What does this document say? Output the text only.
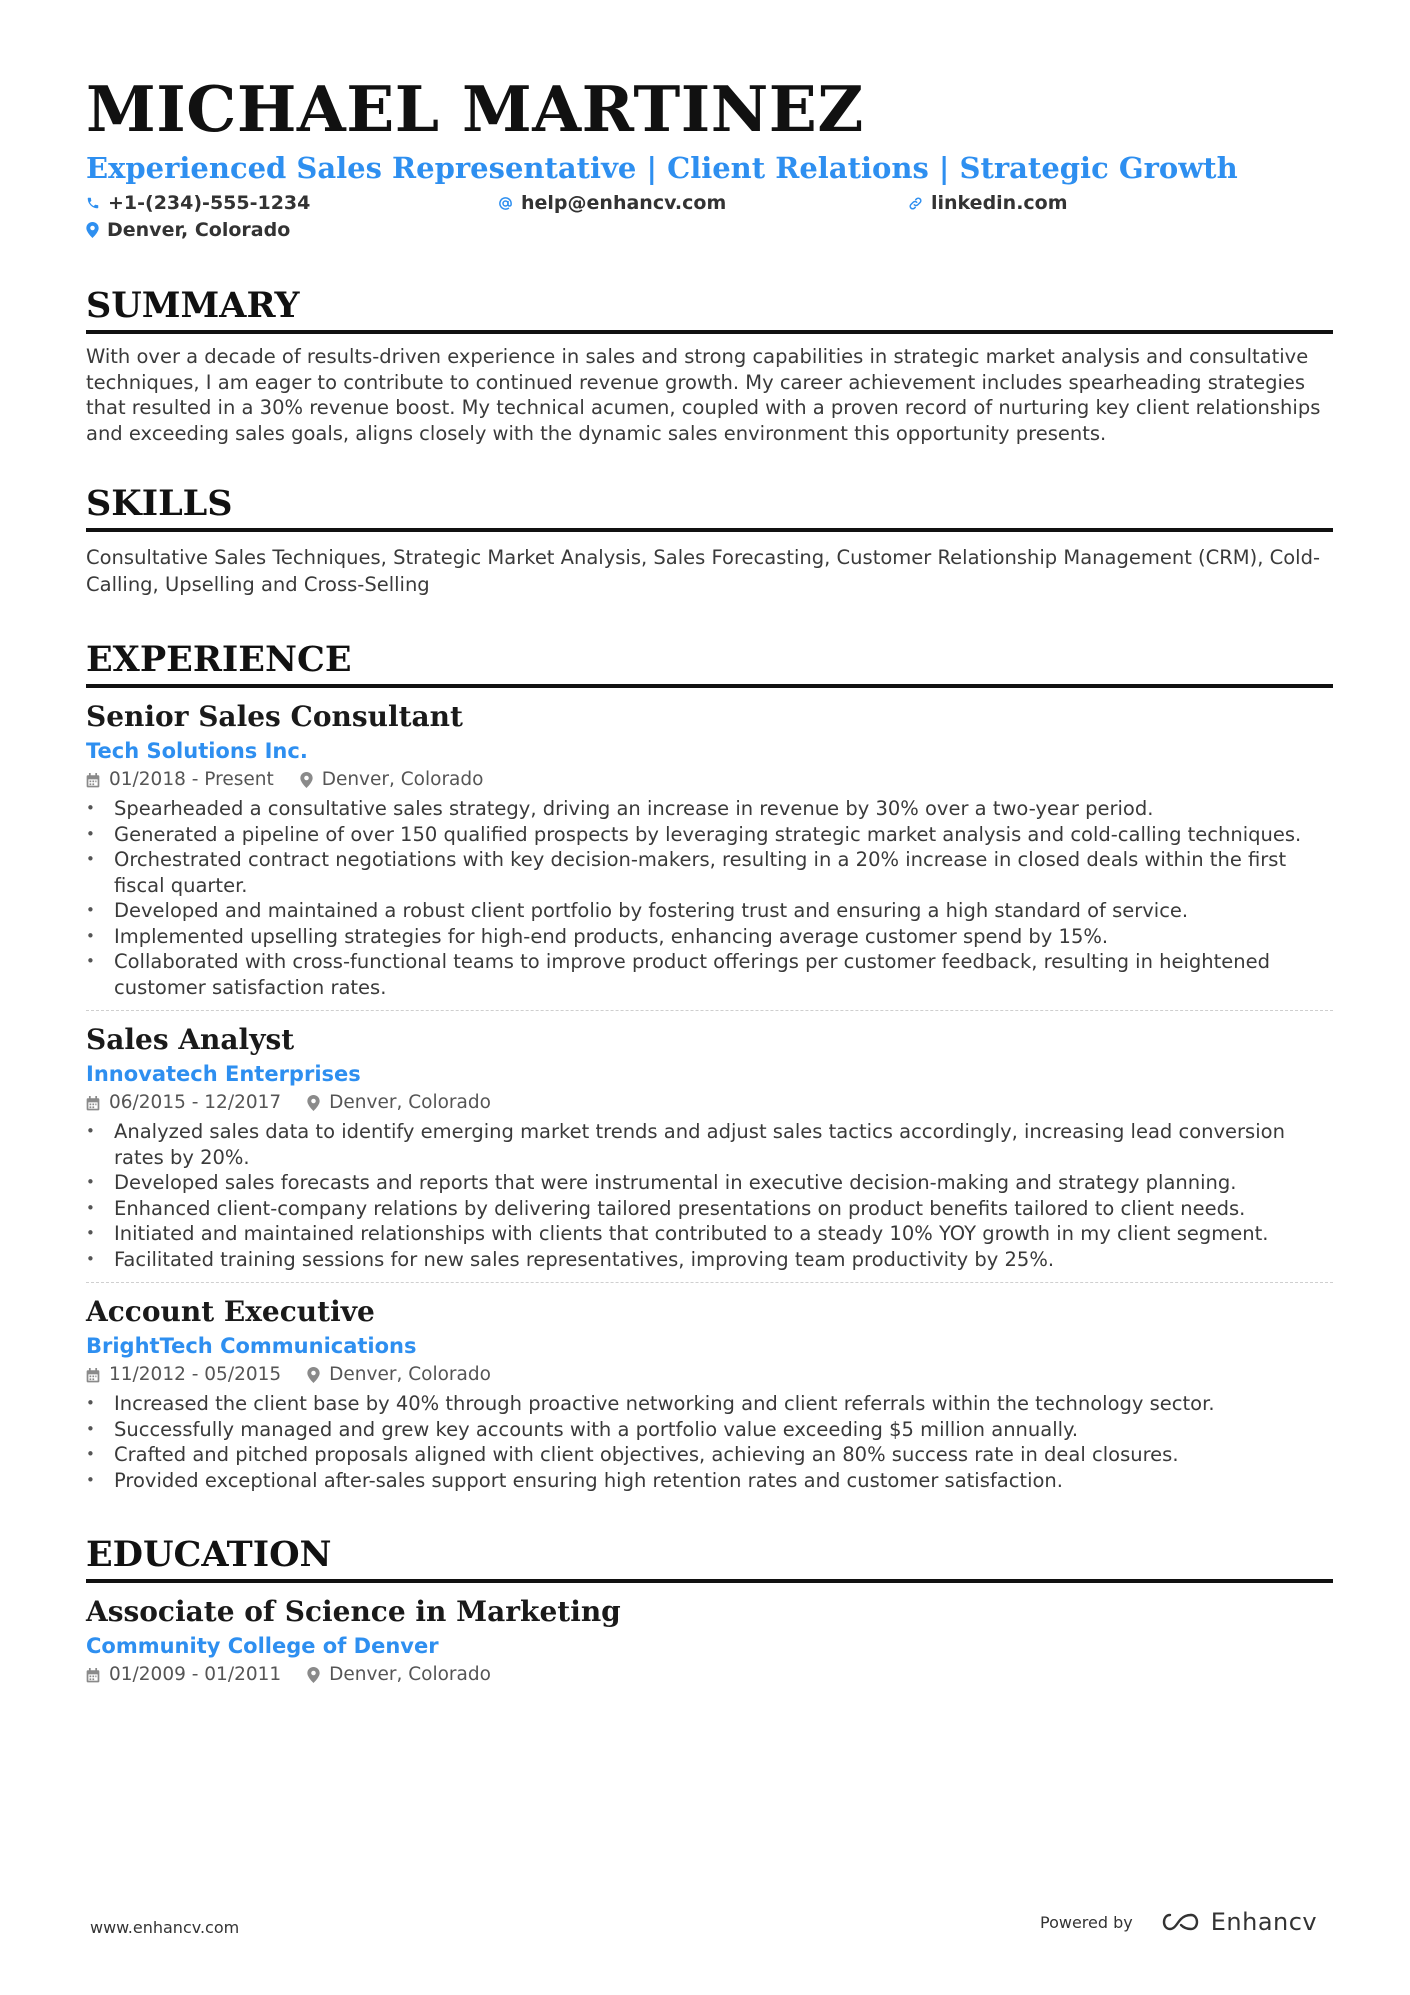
MICHAEL MARTINEZ
Experienced Sales Representative | Client Relations | Strategic Growth
+1-(234)-555-1234	help@enhancv.com	linkedin.com
Denver, Colorado
SUMMARY

With over a decade of results-driven experience in sales and strong capabilities in strategic market analysis and consultative techniques, I am eager to contribute to continued revenue growth. My career achievement includes spearheading strategies that resulted in a 30% revenue boost. My technical acumen, coupled with a proven record of nurturing key client relationships and exceeding sales goals, aligns closely with the dynamic sales environment this opportunity presents.

SKILLS

Consultative Sales Techniques, Strategic Market Analysis, Sales Forecasting, Customer Relationship Management (CRM), Cold-Calling, Upselling and Cross-Selling

EXPERIENCE
Senior Sales Consultant
Tech Solutions Inc.
01/2018 - Present	Denver, Colorado
• Spearheaded a consultative sales strategy, driving an increase in revenue by 30% over a two-year period.
• Generated a pipeline of over 150 qualified prospects by leveraging strategic market analysis and cold-calling techniques.
• Orchestrated contract negotiations with key decision-makers, resulting in a 20% increase in closed deals within the first fiscal quarter.
• Developed and maintained a robust client portfolio by fostering trust and ensuring a high standard of service.
• Implemented upselling strategies for high-end products, enhancing average customer spend by 15%.
• Collaborated with cross-functional teams to improve product offerings per customer feedback, resulting in heightened customer satisfaction rates.
Sales Analyst
Innovatech Enterprises
06/2015 - 12/2017	Denver, Colorado
• Analyzed sales data to identify emerging market trends and adjust sales tactics accordingly, increasing lead conversion rates by 20%.
• Developed sales forecasts and reports that were instrumental in executive decision-making and strategy planning.
• Enhanced client-company relations by delivering tailored presentations on product benefits tailored to client needs.
• Initiated and maintained relationships with clients that contributed to a steady 10% YOY growth in my client segment.
• Facilitated training sessions for new sales representatives, improving team productivity by 25%.
Account Executive
BrightTech Communications
11/2012 - 05/2015	Denver, Colorado
• Increased the client base by 40% through proactive networking and client referrals within the technology sector.
• Successfully managed and grew key accounts with a portfolio value exceeding $5 million annually.
• Crafted and pitched proposals aligned with client objectives, achieving an 80% success rate in deal closures.
• Provided exceptional after-sales support ensuring high retention rates and customer satisfaction.
EDUCATION
Associate of Science in Marketing
Community College of Denver
01/2009 - 01/2011	Denver, Colorado
www.enhancv.com	Powered by	Enhancv
